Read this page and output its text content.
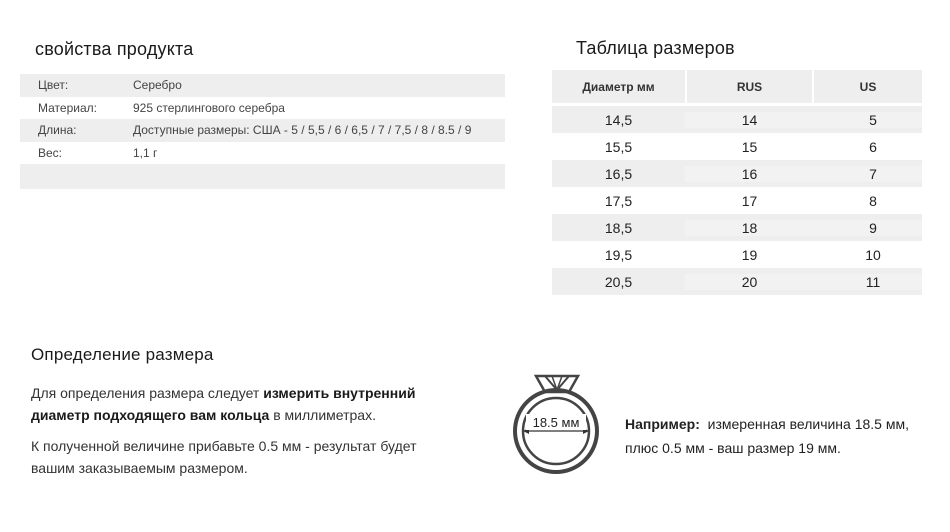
свойства продукта
Цвет:	Серебро
Материал:	925 стерлингового серебра
Длина:	Доступные размеры: США - 5 / 5,5 / 6 / 6,5 / 7 / 7,5 / 8 / 8.5 / 9
Вес:	1,1 г
Таблица размеров
Диаметр мм	RUS	US
14,5	14	5
15,5	15	6
16,5	16	7
17,5	17	8
18,5	18	9
19,5	19	10
20,5	20	11
Определение размера
Для определения размера следует измерить внутренний диаметр подходящего вам кольца в миллиметрах.
К полученной величине прибавьте 0.5 мм - результат будет вашим заказываемым размером.
18.5 мм	Например:  измеренная величина 18.5 мм,
плюс 0.5 мм - ваш размер 19 мм.
